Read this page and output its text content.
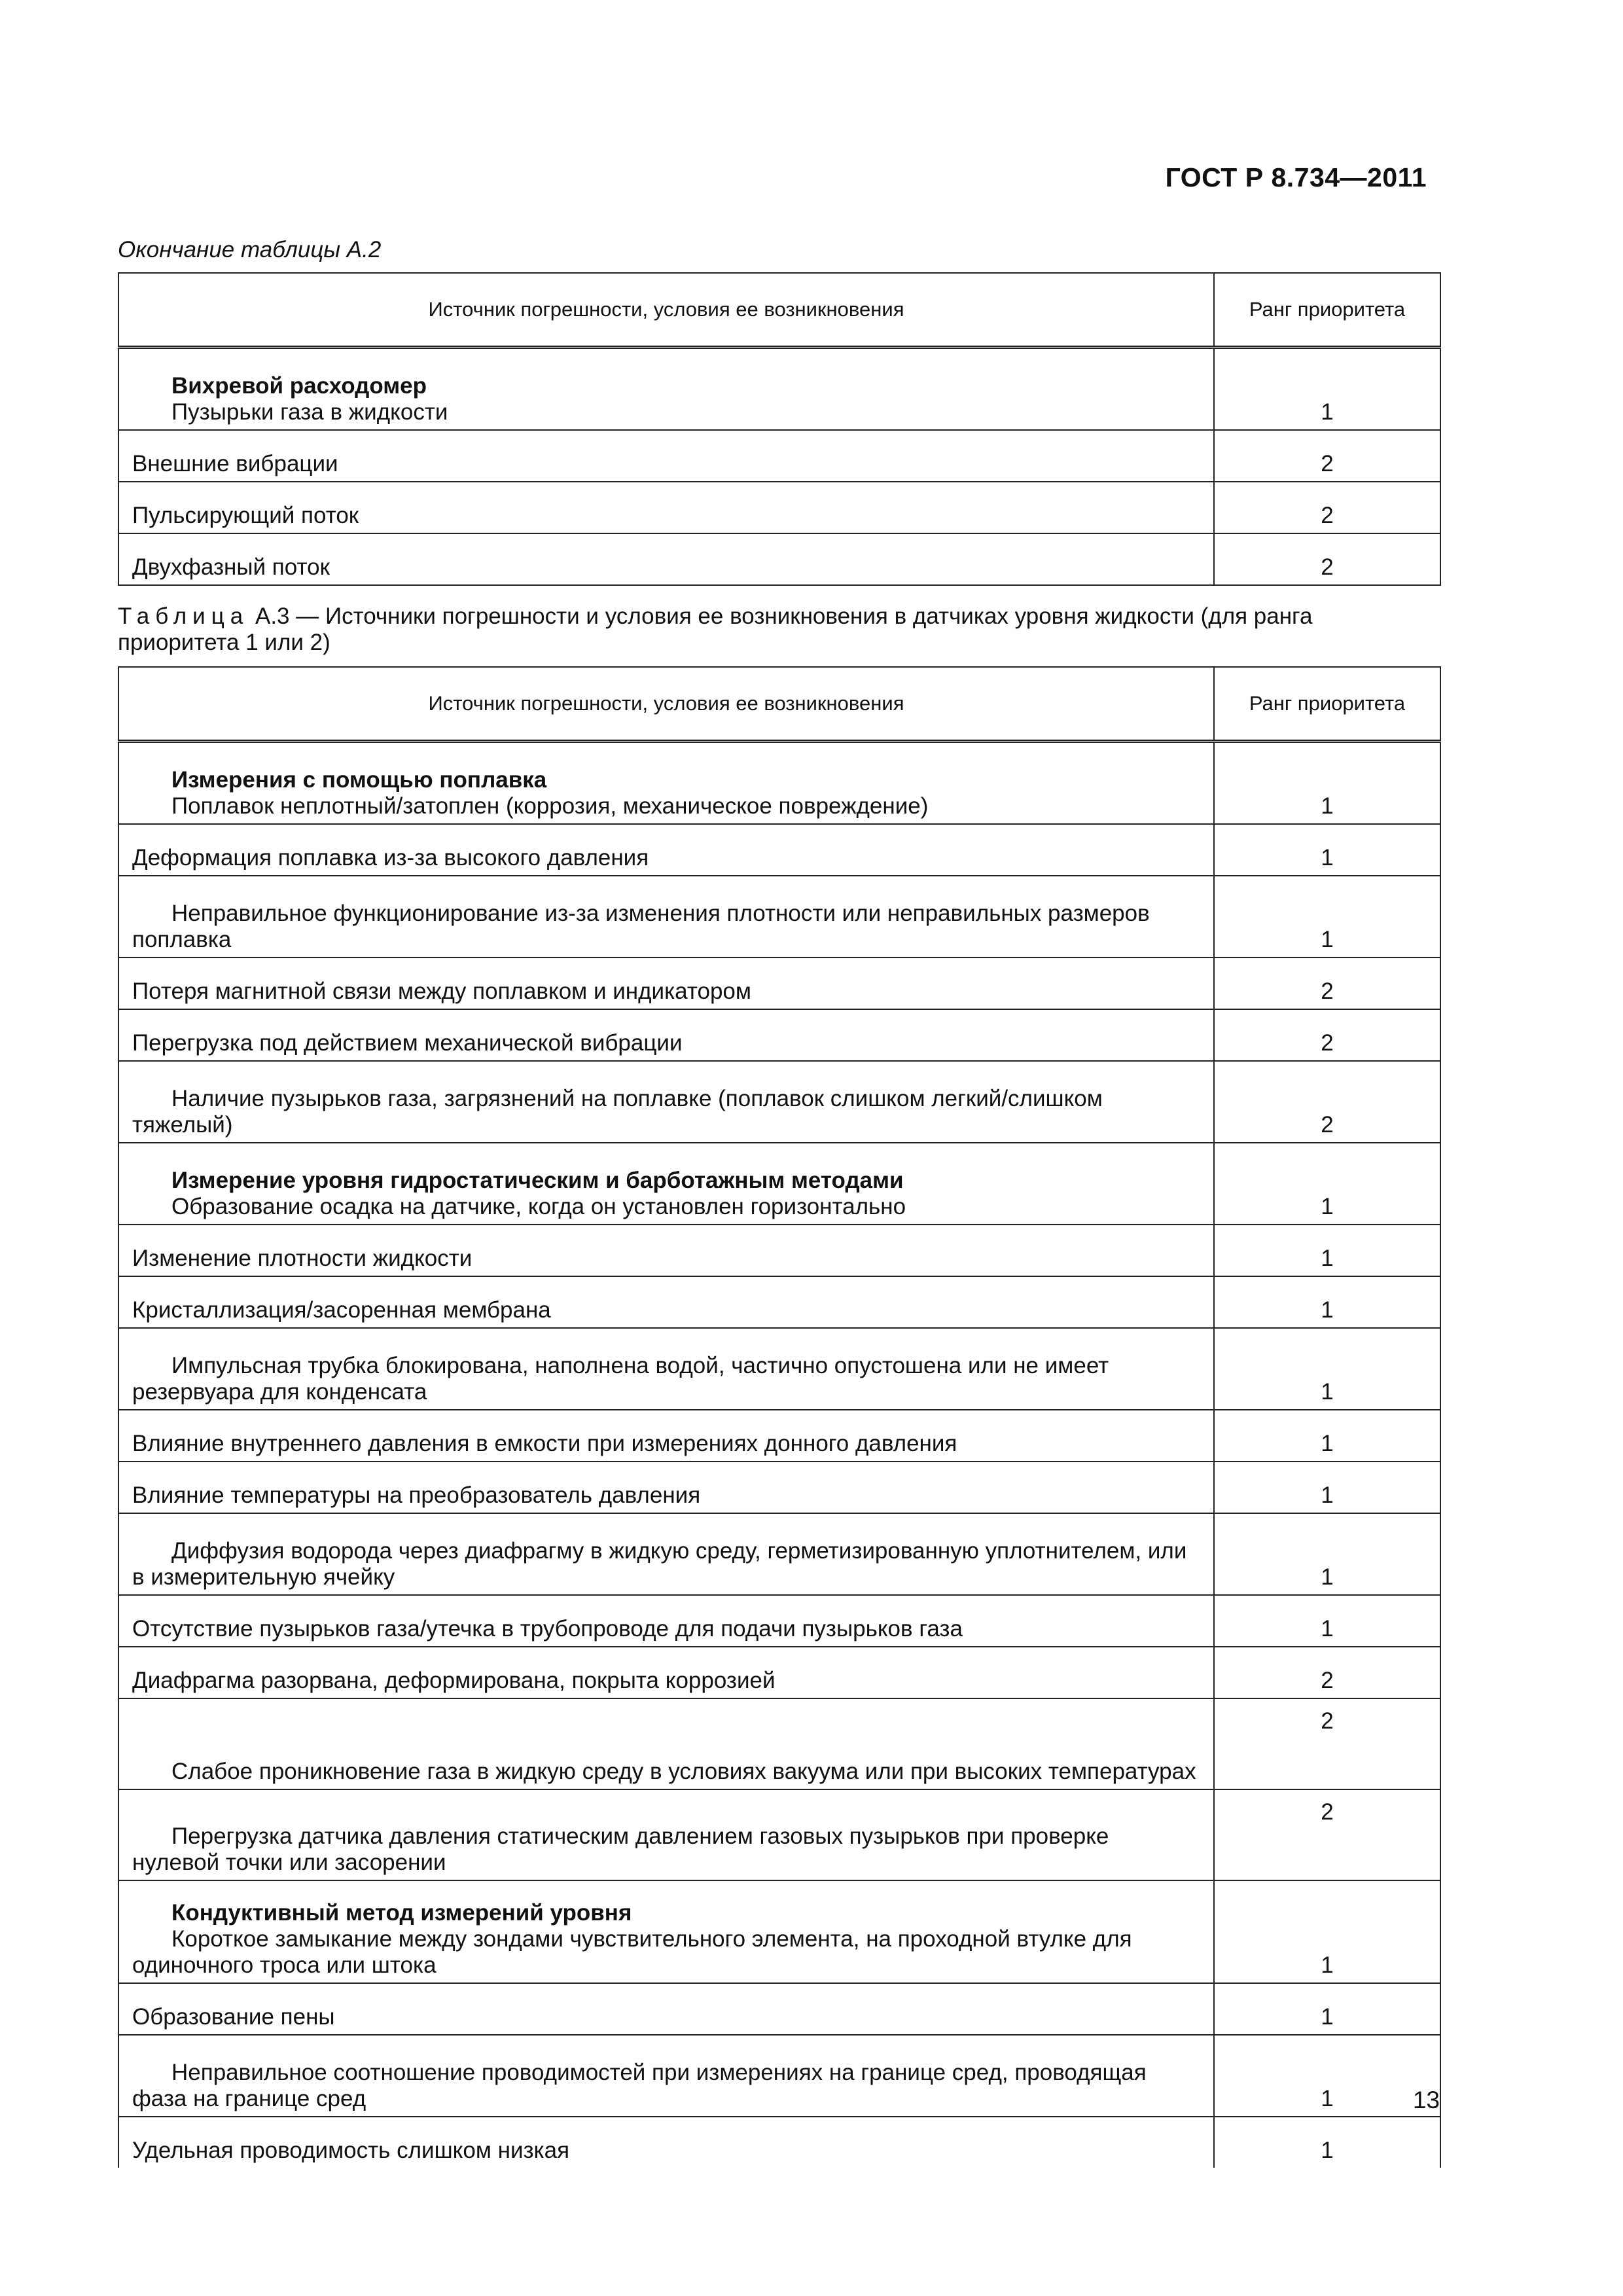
ГОСТ Р 8.734—2011
Окончание таблицы А.2
Источник погрешности, условия ее возникновения	Ранг приоритета

Вихревой расходомер
Пузырьки газа в жидкости	1
Внешние вибрации	2
Пульсирующий поток	2
Двухфазный поток	2
Таблица А.3 — Источники погрешности и условия ее возникновения в датчиках уровня жидкости (для ранга приоритета 1 или 2)
Источник погрешности, условия ее возникновения	Ранг приоритета

Измерения с помощью поплавка
Поплавок неплотный/затоплен (коррозия, механическое повреждение)	1
Деформация поплавка из-за высокого давления	1

Неправильное функционирование из-за изменения плотности или неправильных размеров поплавка	1
Потеря магнитной связи между поплавком и индикатором	2
Перегрузка под действием механической вибрации	2

Наличие пузырьков газа, загрязнений на поплавке (поплавок слишком легкий/слишком тяжелый)	2

Измерение уровня гидростатическим и барботажным методами
Образование осадка на датчике, когда он установлен горизонтально	1
Изменение плотности жидкости	1
Кристаллизация/засоренная мембрана	1

Импульсная трубка блокирована, наполнена водой, частично опустошена или не имеет резервуара для конденсата	1
Влияние внутреннего давления в емкости при измерениях донного давления	1
Влияние температуры на преобразователь давления	1

Диффузия водорода через диафрагму в жидкую среду, герметизированную уплотнителем, или в измерительную ячейку	1
Отсутствие пузырьков газа/утечка в трубопроводе для подачи пузырьков газа	1
Диафрагма разорвана, деформирована, покрыта коррозией	2

Слабое проникновение газа в жидкую среду в условиях вакуума или при высоких температурах	2

Перегрузка датчика давления статическим давлением газовых пузырьков при проверке нулевой точки или засорении	2

Кондуктивный метод измерений уровня
Короткое замыкание между зондами чувствительного элемента, на проходной втулке для одиночного троса или штока	1
Образование пены	1

Неправильное соотношение проводимостей при измерениях на границе сред, проводящая фаза на границе сред	1
Удельная проводимость слишком низкая	1
13
